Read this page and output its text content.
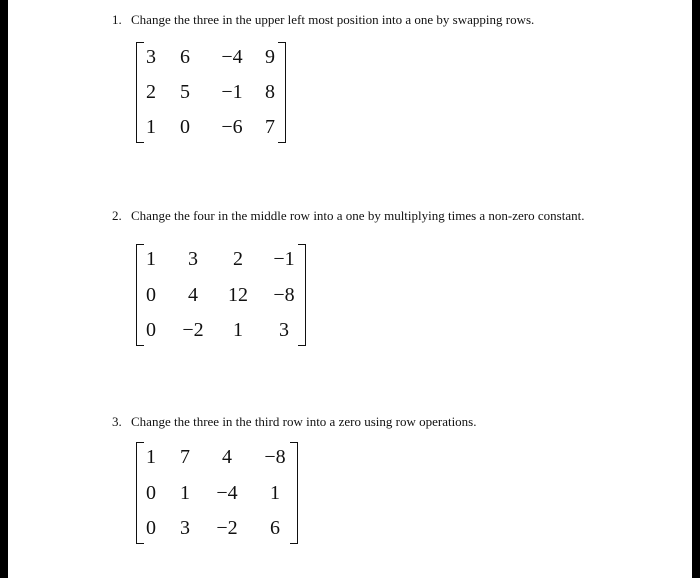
1. Change the three in the upper left most position into a one by swapping rows.
3 6 −4 9
2 5 −1 8
1 0 −6 7
2. Change the four in the middle row into a one by multiplying times a non-zero constant.
1 3 2 −1
0 4 12 −8
0 −2 1 3
3. Change the three in the third row into a zero using row operations.
1 7 4 −8
0 1 −4 1
0 3 −2 6
